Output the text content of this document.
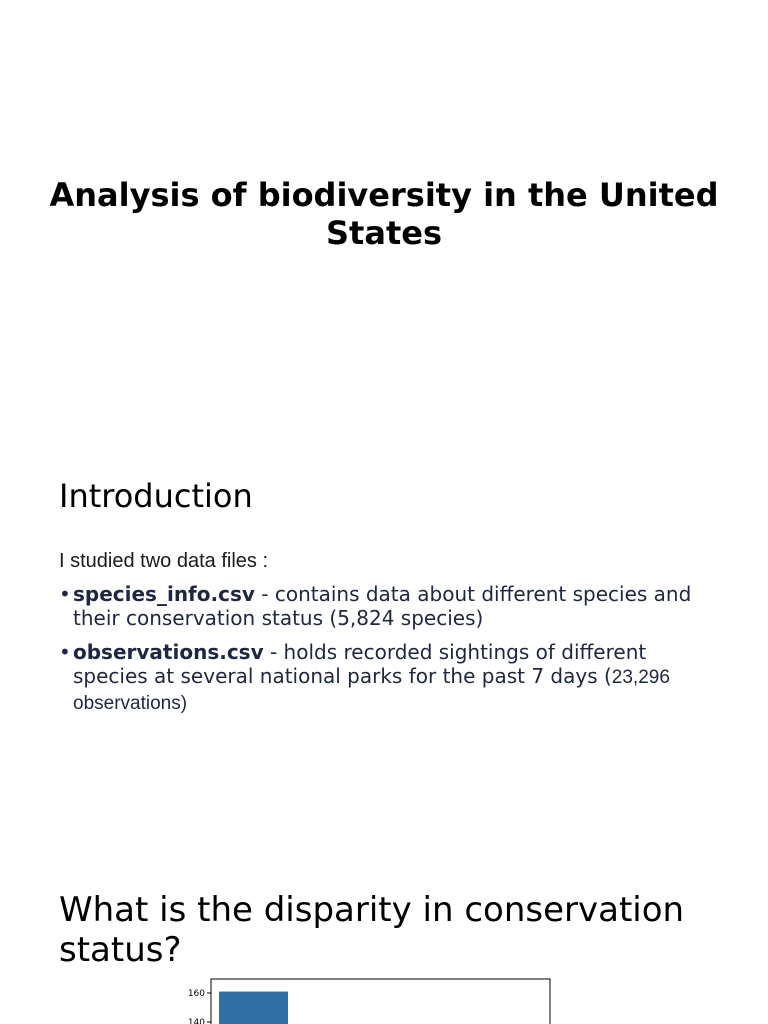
Analysis of biodiversity in the United States
Introduction

I studied two data files :

• species_info.csv - contains data about different species and their conservation status (5,824 species)
• observations.csv - holds recorded sightings of different species at several national parks for the past 7 days (23,296 observations)
What is the disparity in conservation status?
160
140
